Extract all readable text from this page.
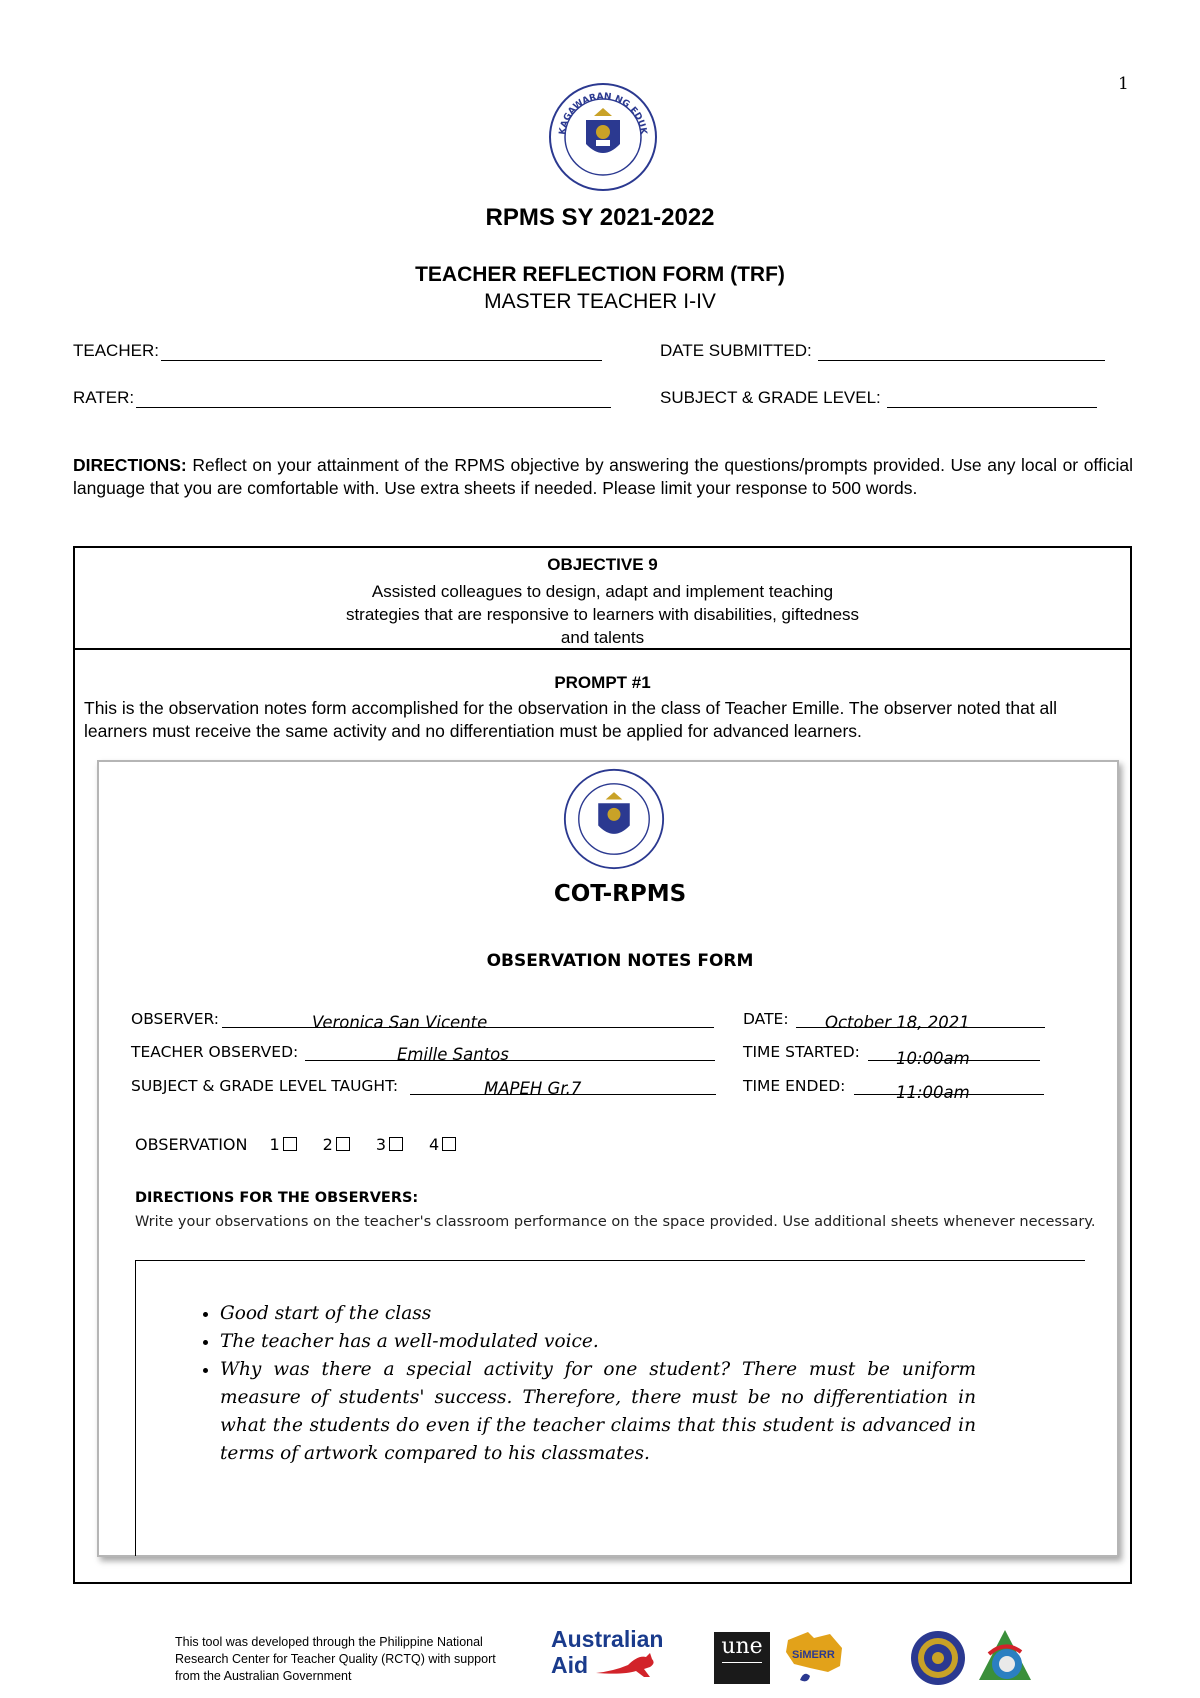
1
KAGAWARAN NG EDUK
RPMS SY 2021-2022
TEACHER REFLECTION FORM (TRF)
MASTER TEACHER I-IV
TEACHER:	DATE SUBMITTED:
RATER:	SUBJECT & GRADE LEVEL:
DIRECTIONS: Reflect on your attainment of the RPMS objective by answering the questions/prompts provided. Use any local or official language that you are comfortable with. Use extra sheets if needed. Please limit your response to 500 words.
OBJECTIVE 9
Assisted colleagues to design, adapt and implement teaching
strategies that are responsive to learners with disabilities, giftedness
and talents
PROMPT #1
This is the observation notes form accomplished for the observation in the class of Teacher Emille. The observer noted that all learners must receive the same activity and no differentiation must be applied for advanced learners.
COT-RPMS
OBSERVATION NOTES FORM
OBSERVER:	Veronica San Vicente
TEACHER OBSERVED:	Emille Santos
SUBJECT & GRADE LEVEL TAUGHT:	MAPEH Gr.7
DATE: October 18, 2021
TIME STARTED: 10:00am
TIME ENDED:	11:00am
OBSERVATION 1	2	3	4
DIRECTIONS FOR THE OBSERVERS:
Write your observations on the teacher's classroom performance on the space provided. Use additional sheets whenever necessary.
• Good start of the class
• The teacher has a well-modulated voice.
• Why was there a special activity for one student? There must be uniform measure of students' success. Therefore, there must be no differentiation in what the students do even if the teacher claims that this student is advanced in terms of artwork compared to his classmates.
This tool was developed through the Philippine National
Research Center for Teacher Quality (RCTQ) with support
from the Australian Government
Australian
Aid
une	SiMERR
